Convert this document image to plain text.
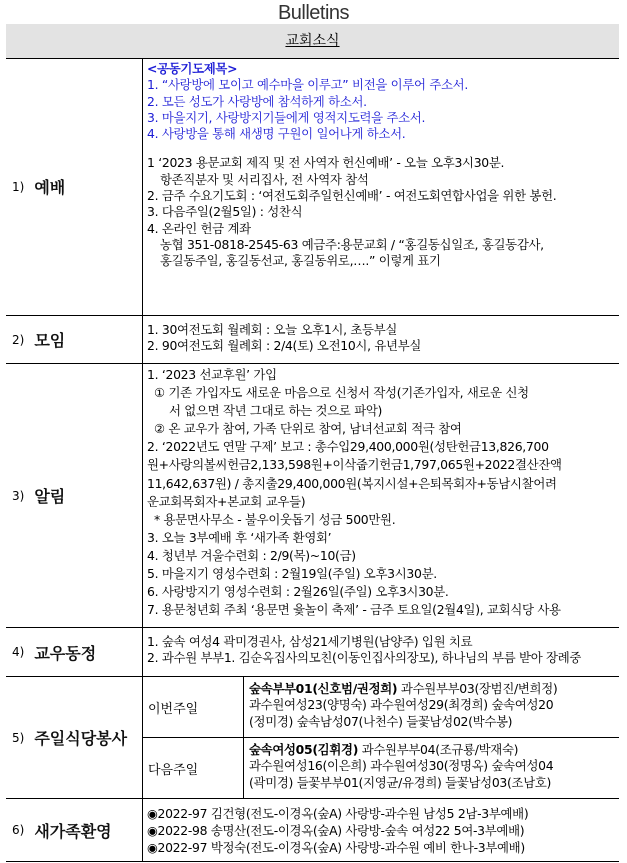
Bulletins
교회소식
1) 예배
<공동기도제목>
1. “사랑방에 모이고 예수마을 이루고” 비전을 이루어 주소서.
2. 모든 성도가 사랑방에 참석하게 하소서.
3. 마을지기, 사랑방지기들에게 영적지도력을 주소서.
4. 사랑방을 통해 새생명 구원이 일어나게 하소서.
1 ‘2023 용문교회 제직 및 전 사역자 헌신예배’ - 오늘 오후3시30분.
항존직분자 및 서리집사, 전 사역자 참석
2. 금주 수요기도회 : ‘여전도회주일헌신예배’ - 여전도회연합사업을 위한 봉헌.
3. 다음주일(2월5일) : 성찬식
4. 온라인 헌금 계좌
농협 351-0818-2545-63 예금주:용문교회 / “홍길동십일조, 홍길동감사,
홍길동주일, 홍길동선교, 홍길동위로,….” 이렇게 표기
2) 모임
1. 30여전도회 월례회 : 오늘 오후1시, 초등부실
2. 90여전도회 월례회 : 2/4(토) 오전10시, 유년부실
3) 알림
1. ‘2023 선교후원’ 가입
① 기존 가입자도 새로운 마음으로 신청서 작성(기존가입자, 새로운 신청
서 없으면 작년 그대로 하는 것으로 파악)
② 온 교우가 참여, 가족 단위로 참여, 남녀선교회 적극 참여
2. ‘2022년도 연말 구제’ 보고 : 총수입29,400,000원(성탄헌금13,826,700
원+사랑의볼씨헌금2,133,598원+이삭줍기헌금1,797,065원+2022결산잔액
11,642,637원) / 총지출29,400,000원(복지시설+은퇴목회자+동남시찰어려
운교회목회자+본교회 교우들)
* 용문면사무소 - 불우이웃돕기 성금 500만원.
3. 오늘 3부예배 후 ‘새가족 환영회’
4. 청년부 겨울수련회 : 2/9(목)~10(금)
5. 마을지기 영성수련회 : 2월19일(주일) 오후3시30분.
6. 사랑방지기 영성수련회 : 2월26일(주일) 오후3시30분.
7. 용문청년회 주최 ‘용문면 윷놀이 축제’ - 금주 토요일(2월4일), 교회식당 사용
4) 교우동정
1. 숲속 여성4 곽미경권사, 삼성21세기병원(남양주) 입원 치료
2. 과수원 부부1. 김순옥집사의모친(이동인집사의장모), 하나님의 부름 받아 장례중
5) 주일식당봉사
이번주일
숲속부부01(신호범/권정희) 과수원부부03(장범진/변희정)
과수원여성23(양명숙) 과수원여성29(최경희) 숲속여성20
(정미경) 숲속남성07(나천수) 들꽃남성02(박수봉)
다음주일
숲속여성05(김휘경) 과수원부부04(조규룡/박재숙)
과수원여성16(이은희) 과수원여성30(정명옥) 숲속여성04
(곽미경) 들꽃부부01(지영균/유경희) 들꽃남성03(조남호)
6) 새가족환영
◉2022-97 김건형(전도-이경옥(숲A) 사랑방-과수원 남성5 2남-3부예배)
◉2022-98 송명산(전도-이경옥(숲A) 사랑방-숲속 여성22 5여-3부예배)
◉2022-97 박정숙(전도-이경옥(숲A) 사랑방-과수원 예비 한나-3부예배)
